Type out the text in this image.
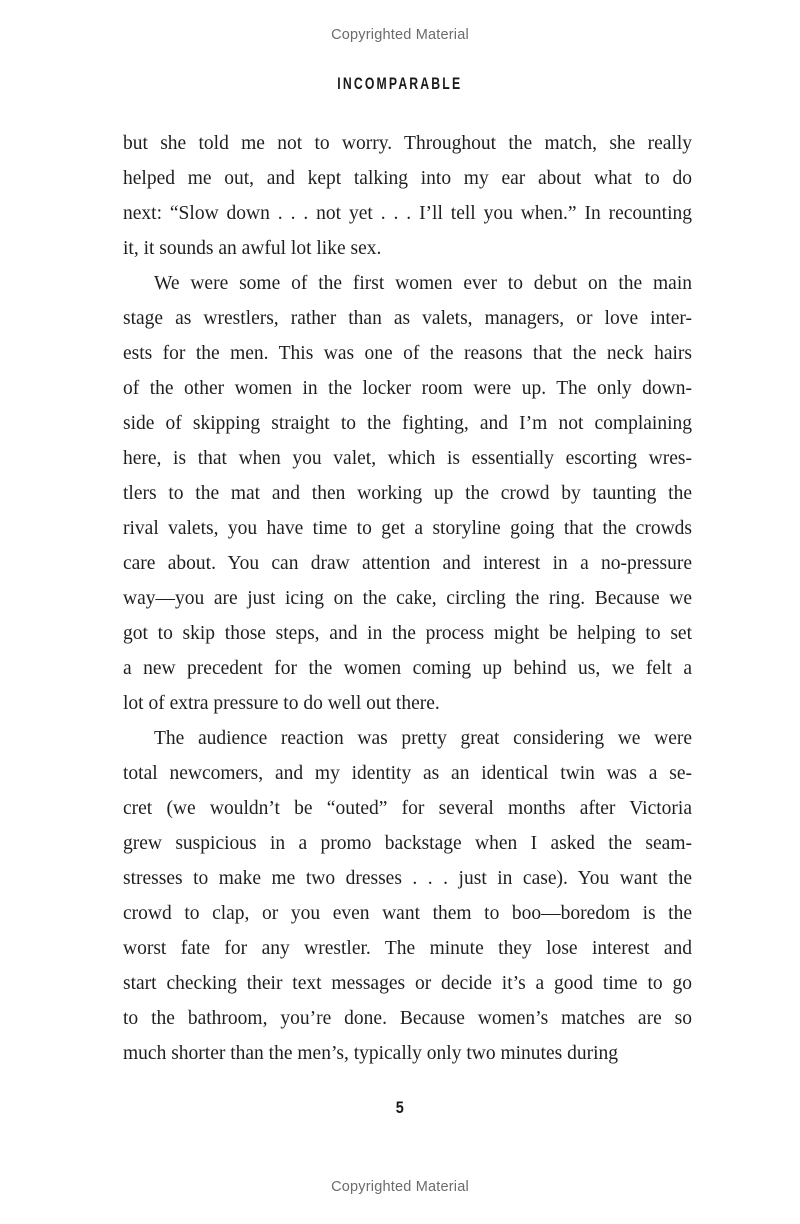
Copyrighted Material
INCOMPARABLE
but she told me not to worry. Throughout the match, she really
helped me out, and kept talking into my ear about what to do
next: “Slow down . . . not yet . . . I’ll tell you when.” In recounting
it, it sounds an awful lot like sex.
We were some of the first women ever to debut on the main
stage as wrestlers, rather than as valets, managers, or love inter-
ests for the men. This was one of the reasons that the neck hairs
of the other women in the locker room were up. The only down-
side of skipping straight to the fighting, and I’m not complaining
here, is that when you valet, which is essentially escorting wres-
tlers to the mat and then working up the crowd by taunting the
rival valets, you have time to get a storyline going that the crowds
care about. You can draw attention and interest in a no-pressure
way—you are just icing on the cake, circling the ring. Because we
got to skip those steps, and in the process might be helping to set
a new precedent for the women coming up behind us, we felt a
lot of extra pressure to do well out there.
The audience reaction was pretty great considering we were
total newcomers, and my identity as an identical twin was a se-
cret (we wouldn’t be “outed” for several months after Victoria
grew suspicious in a promo backstage when I asked the seam-
stresses to make me two dresses . . . just in case). You want the
crowd to clap, or you even want them to boo—boredom is the
worst fate for any wrestler. The minute they lose interest and
start checking their text messages or decide it’s a good time to go
to the bathroom, you’re done. Because women’s matches are so
much shorter than the men’s, typically only two minutes during
5
Copyrighted Material
